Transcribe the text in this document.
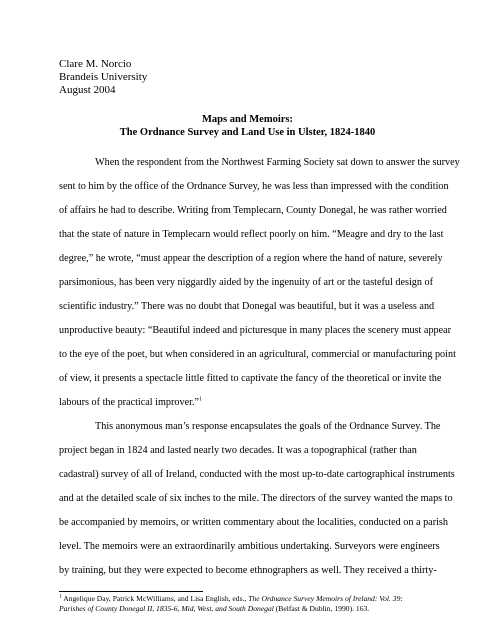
Clare M. Norcio
Brandeis University
August 2004
Maps and Memoirs:
The Ordnance Survey and Land Use in Ulster, 1824-1840
When the respondent from the Northwest Farming Society sat down to answer the survey
sent to him by the office of the Ordnance Survey, he was less than impressed with the condition
of affairs he had to describe. Writing from Templecarn, County Donegal, he was rather worried
that the state of nature in Templecarn would reflect poorly on him. “Meagre and dry to the last
degree,” he wrote, “must appear the description of a region where the hand of nature, severely
parsimonious, has been very niggardly aided by the ingenuity of art or the tasteful design of
scientific industry.” There was no doubt that Donegal was beautiful, but it was a useless and
unproductive beauty: “Beautiful indeed and picturesque in many places the scenery must appear
to the eye of the poet, but when considered in an agricultural, commercial or manufacturing point
of view, it presents a spectacle little fitted to captivate the fancy of the theoretical or invite the
labours of the practical improver.”$^1$
This anonymous man’s response encapsulates the goals of the Ordnance Survey. The
project began in 1824 and lasted nearly two decades. It was a topographical (rather than
cadastral) survey of all of Ireland, conducted with the most up-to-date cartographical instruments
and at the detailed scale of six inches to the mile. The directors of the survey wanted the maps to
be accompanied by memoirs, or written commentary about the localities, conducted on a parish
level. The memoirs were an extraordinarily ambitious undertaking. Surveyors were engineers
by training, but they were expected to become ethnographers as well. They received a thirty-
$^1$ Angelique Day, Patrick McWilliams, and Lisa English, eds., The Ordnance Survey Memoirs of Ireland: Vol. 39:
Parishes of County Donegal II, 1835-6, Mid, West, and South Donegal (Belfast & Dublin, 1990). 163.
